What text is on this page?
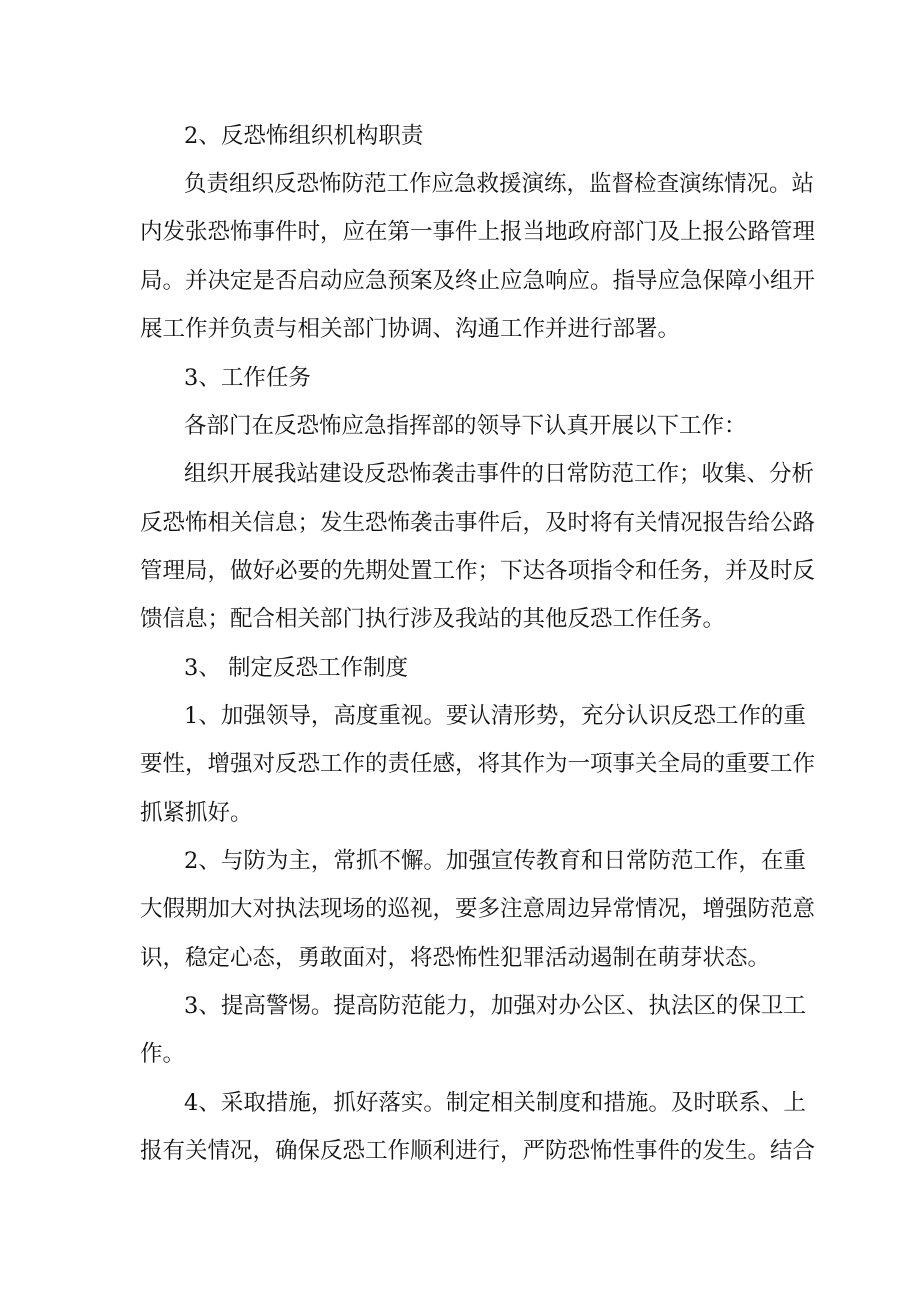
2、反恐怖组织机构职责
负责组织反恐怖防范工作应急救援演练，监督检查演练情况。站
内发张恐怖事件时，应在第一事件上报当地政府部门及上报公路管理
局。并决定是否启动应急预案及终止应急响应。指导应急保障小组开
展工作并负责与相关部门协调、沟通工作并进行部署。
3、工作任务
各部门在反恐怖应急指挥部的领导下认真开展以下工作：
组织开展我站建设反恐怖袭击事件的日常防范工作；收集、分析
反恐怖相关信息；发生恐怖袭击事件后，及时将有关情况报告给公路
管理局，做好必要的先期处置工作；下达各项指令和任务，并及时反
馈信息；配合相关部门执行涉及我站的其他反恐工作任务。
3、 制定反恐工作制度
1、加强领导，高度重视。要认清形势，充分认识反恐工作的重
要性，增强对反恐工作的责任感，将其作为一项事关全局的重要工作
抓紧抓好。
2、与防为主，常抓不懈。加强宣传教育和日常防范工作，在重
大假期加大对执法现场的巡视，要多注意周边异常情况，增强防范意
识，稳定心态，勇敢面对，将恐怖性犯罪活动遏制在萌芽状态。
3、提高警惕。提高防范能力，加强对办公区、执法区的保卫工
作。
4、采取措施，抓好落实。制定相关制度和措施。及时联系、上
报有关情况，确保反恐工作顺利进行，严防恐怖性事件的发生。结合
